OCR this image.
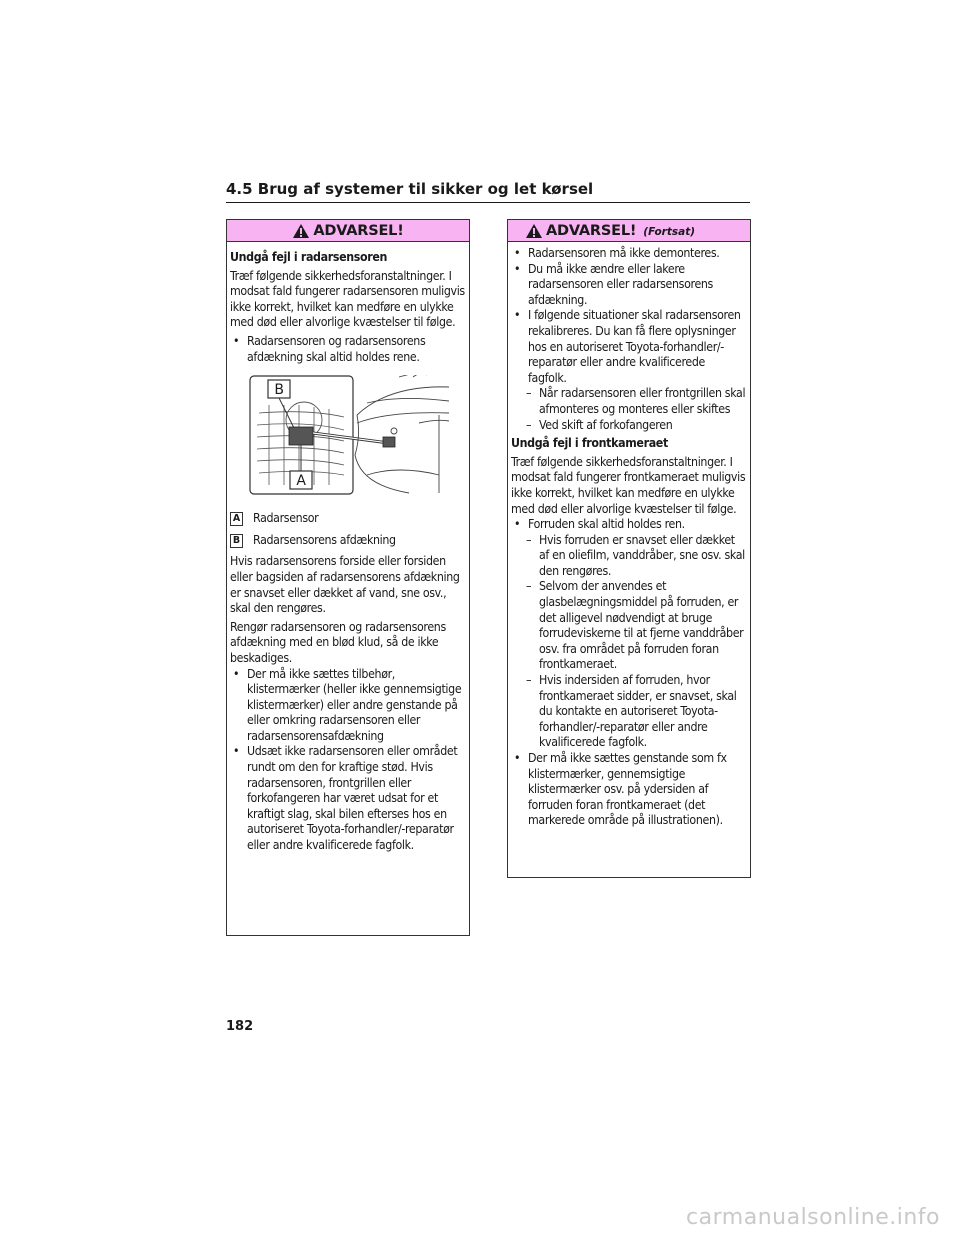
4.5 Brug af systemer til sikker og let kørsel
ADVARSEL!

Undgå fejl i radarsensoren

Træf følgende sikkerhedsforanstaltninger. I modsat fald fungerer radarsensoren muligvis ikke korrekt, hvilket kan medføre en ulykke med død eller alvorlige kvæstelser til følge.

• Radarsensoren og radarsensorens afdækning skal altid holdes rene.
B
A
A Radarsensor
B Radarsensorens afdækning

Hvis radarsensorens forside eller forsiden eller bagsiden af radarsensorens afdækning er snavset eller dækket af vand, sne osv., skal den rengøres.

Rengør radarsensoren og radarsensorens afdækning med en blød klud, så de ikke beskadiges.

• Der må ikke sættes tilbehør, klistermærker (heller ikke gennemsigtige klistermærker) eller andre genstande på eller omkring radarsensoren eller radarsensorensafdækning
• Udsæt ikke radarsensoren eller området rundt om den for kraftige stød. Hvis radarsensoren, frontgrillen eller forkofangeren har været udsat for et kraftigt slag, skal bilen efterses hos en autoriseret Toyota-forhandler/-reparatør eller andre kvalificerede fagfolk.
ADVARSEL! (Fortsat)
• Radarsensoren må ikke demonteres.
• Du må ikke ændre eller lakere radarsensoren eller radarsensorens afdækning.
• I følgende situationer skal radarsensoren rekalibreres. Du kan få flere oplysninger hos en autoriseret Toyota-forhandler/-reparatør eller andre kvalificerede fagfolk.
– Når radarsensoren eller frontgrillen skal afmonteres og monteres eller skiftes
– Ved skift af forkofangeren

Undgå fejl i frontkameraet

Træf følgende sikkerhedsforanstaltninger. I modsat fald fungerer frontkameraet muligvis ikke korrekt, hvilket kan medføre en ulykke med død eller alvorlige kvæstelser til følge.

• Forruden skal altid holdes ren.
– Hvis forruden er snavset eller dækket af en oliefilm, vanddråber, sne osv. skal den rengøres.
– Selvom der anvendes et glasbelægningsmiddel på forruden, er det alligevel nødvendigt at bruge forrudeviskerne til at fjerne vanddråber osv. fra området på forruden foran frontkameraet.
– Hvis indersiden af forruden, hvor frontkameraet sidder, er snavset, skal du kontakte en autoriseret Toyota-forhandler/-reparatør eller andre kvalificerede fagfolk.
• Der må ikke sættes genstande som fx klistermærker, gennemsigtige klistermærker osv. på ydersiden af forruden foran frontkameraet (det markerede område på illustrationen).
182
carmanualsonline.info
